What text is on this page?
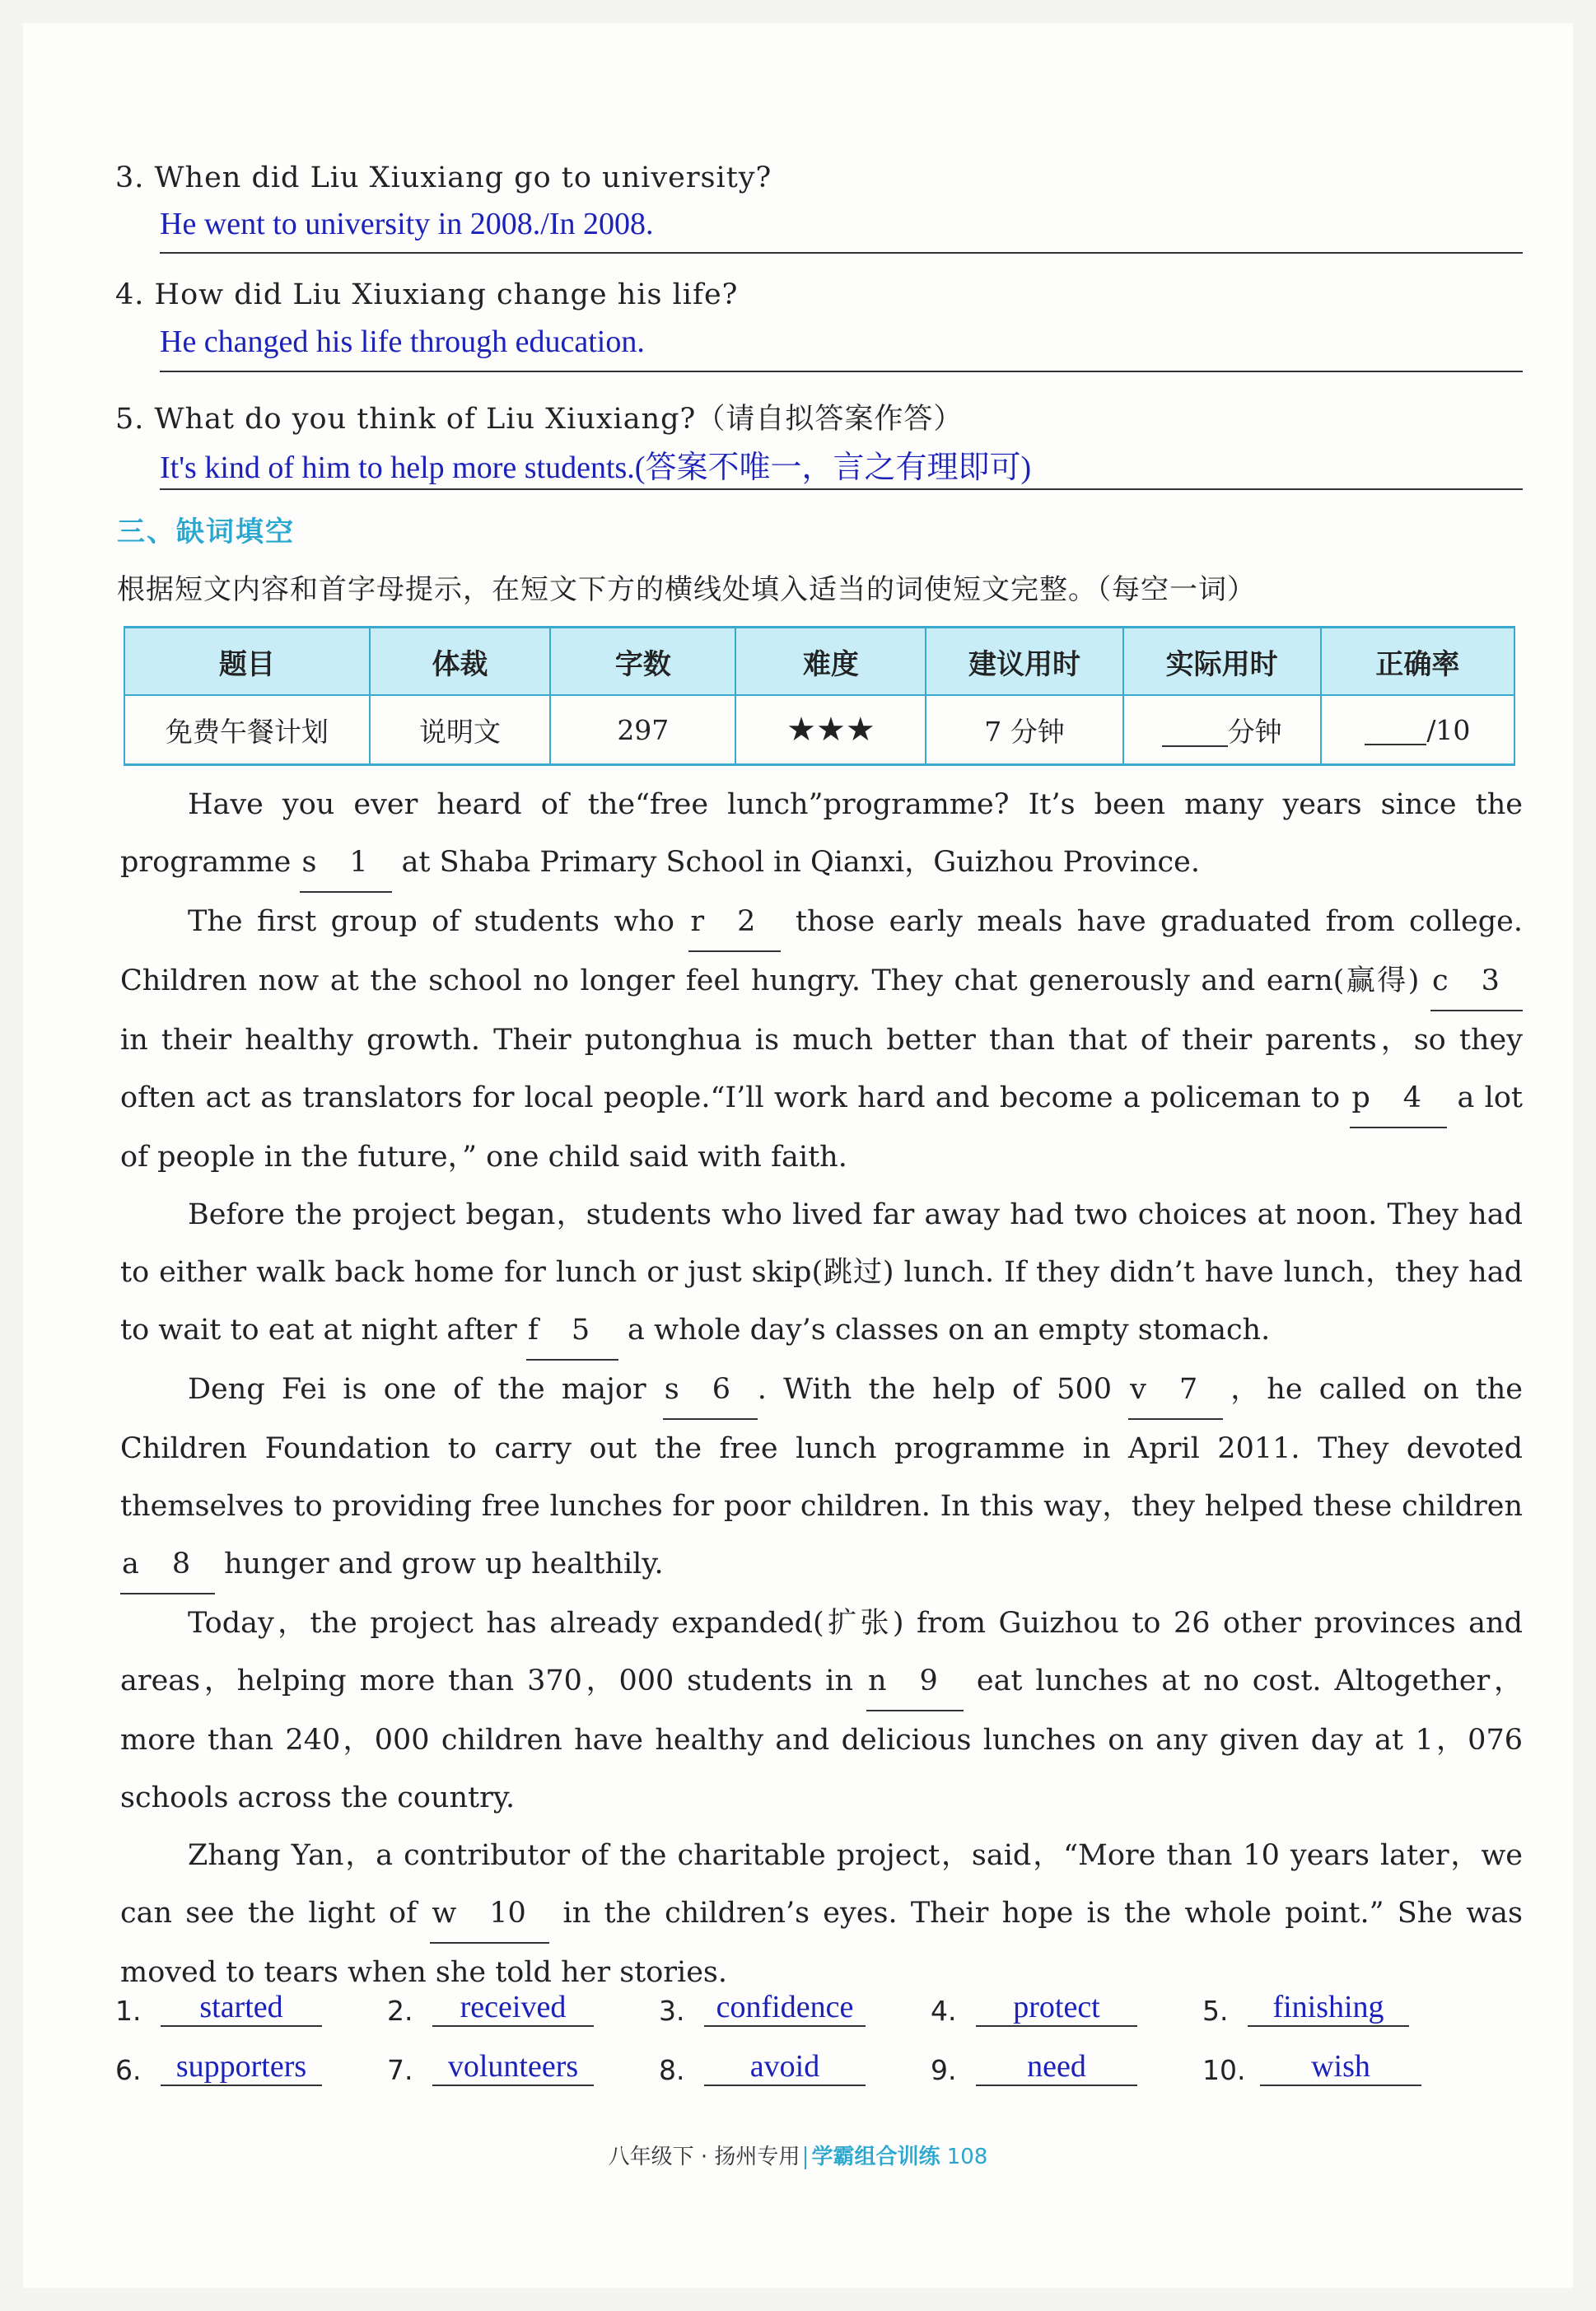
3. When did Liu Xiuxiang go to university?
He went to university in 2008./In 2008.
4. How did Liu Xiuxiang change his life?
He changed his life through education.
5. What do you think of Liu Xiuxiang?（请自拟答案作答）
It's kind of him to help more students.(答案不唯一，言之有理即可)
三、缺词填空
根据短文内容和首字母提示，在短文下方的横线处填入适当的词使短文完整。（每空一词）
题目	体裁	字数	难度	建议用时	实际用时	正确率
免费午餐计划	说明文	297	★★★	7 分钟	分钟	/10

Have you ever heard of the“free lunch”programme? It’s been many years since the programme s 1 at Shaba Primary School in Qianxi，Guizhou Province.

The first group of students who r 2 those early meals have graduated from college. Children now at the school no longer feel hungry. They chat generously and earn(赢得) c 3 in their healthy growth. Their putonghua is much better than that of their parents，so they often act as translators for local people.“I’ll work hard and become a policeman to p 4 a lot of people in the future，” one child said with faith.

Before the project began，students who lived far away had two choices at noon. They had to either walk back home for lunch or just skip(跳过) lunch. If they didn’t have lunch，they had to wait to eat at night after f 5 a whole day’s classes on an empty stomach.

Deng Fei is one of the major s 6 . With the help of 500 v 7 ，he called on the Children Foundation to carry out the free lunch programme in April 2011. They devoted themselves to providing free lunches for poor children. In this way，they helped these children a 8 hunger and grow up healthily.

Today，the project has already expanded(扩张) from Guizhou to 26 other provinces and areas，helping more than 370，000 students in n 9 eat lunches at no cost. Altogether，more than 240，000 children have healthy and delicious lunches on any given day at 1，076 schools across the country.

Zhang Yan，a contributor of the charitable project，said，“More than 10 years later，we can see the light of w 10 in the children’s eyes. Their hope is the whole point.” She was moved to tears when she told her stories.

1. started	2. received	3. confidence	4. protect	5. finishing
6. supporters	7. volunteers	8. avoid	9. need	10. wish
八年级下 · 扬州专用 学霸组合训练 108
